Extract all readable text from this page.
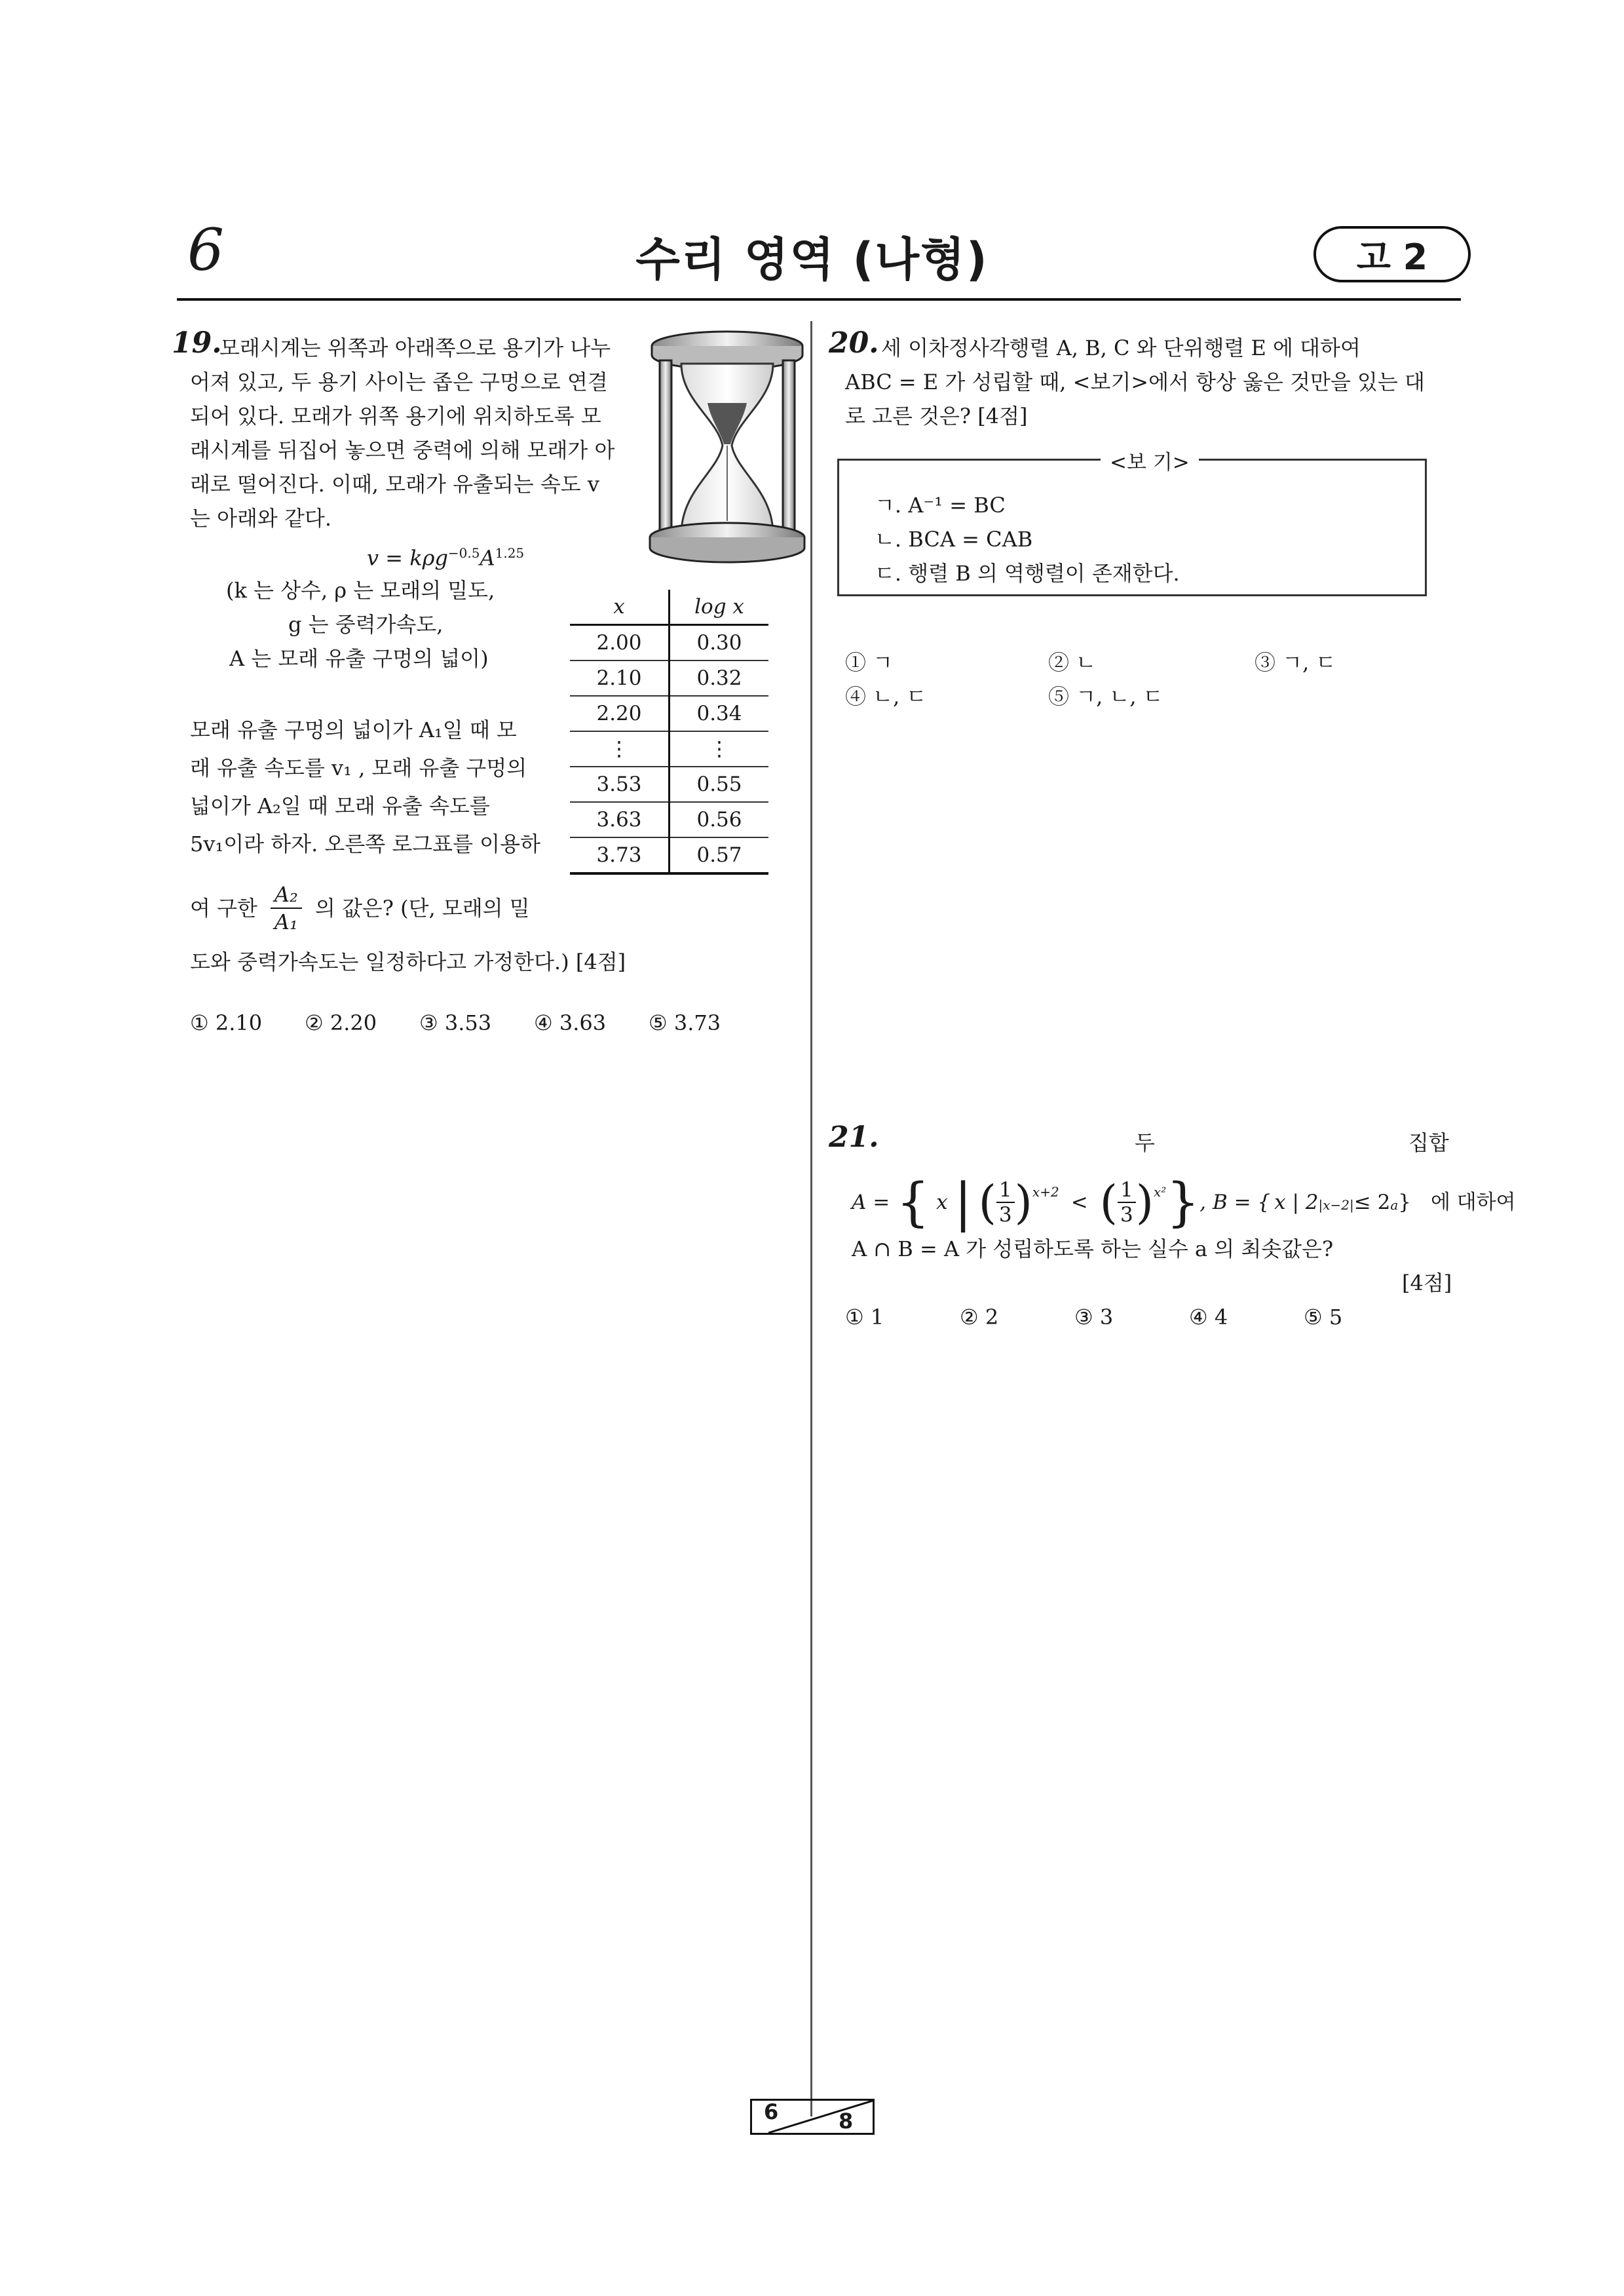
6	수리 영역 (나형)	고 2
19.
모래시계는 위쪽과 아래쪽으로 용기가 나누
어져 있고, 두 용기 사이는 좁은 구멍으로 연결
되어 있다. 모래가 위쪽 용기에 위치하도록 모
래시계를 뒤집어 놓으면 중력에 의해 모래가 아
래로 떨어진다. 이때, 모래가 유출되는 속도 v
는 아래와 같다.
$v = k\rho g^{-0.5}A^{1.25}$
(k 는 상수, ρ 는 모래의 밀도,
g 는 중력가속도,
A 는 모래 유출 구멍의 넓이)
x	log x
2.00	0.30
2.10	0.32
2.20	0.34
⋮	⋮
3.53	0.55
3.63	0.56
3.73	0.57
모래 유출 구멍의 넓이가 A₁일 때 모
래 유출 속도를 v₁ , 모래 유출 구멍의
넓이가 A₂일 때 모래 유출 속도를
5v₁이라 하자. 오른쪽 로그표를 이용하
여 구한 $\frac{\text{A₂}}{\text{A₁}}$ 의 값은? (단, 모래의 밀
도와 중력가속도는 일정하다고 가정한다.) [4점]
① 2.10 ② 2.20 ③ 3.53 ④ 3.63 ⑤ 3.73
20. 세 이차정사각행렬 A, B, C 와 단위행렬 E 에 대하여
ABC = E 가 성립할 때, <보기>에서 항상 옳은 것만을 있는 대
로 고른 것은? [4점]
<보 기>
ㄱ. A⁻¹ = BC
ㄴ. BCA = CAB
ㄷ. 행렬 B 의 역행렬이 존재한다.
① ㄱ	② ㄴ	③ ㄱ, ㄷ
④ ㄴ, ㄷ	⑤ ㄱ, ㄴ, ㄷ
21.	두	집합
A = { x | ( $\frac{1}{3} )^{x+2}$ < ( $\frac{1}{3} )^{x^2}$ } , B = { x | 2 |x−2| ≤ 2 a } 에 대하여
A ∩ B = A 가 성립하도록 하는 실수 a 의 최솟값은?
[4점]
① 1	② 2	③ 3	④ 4	⑤ 5
6	8
